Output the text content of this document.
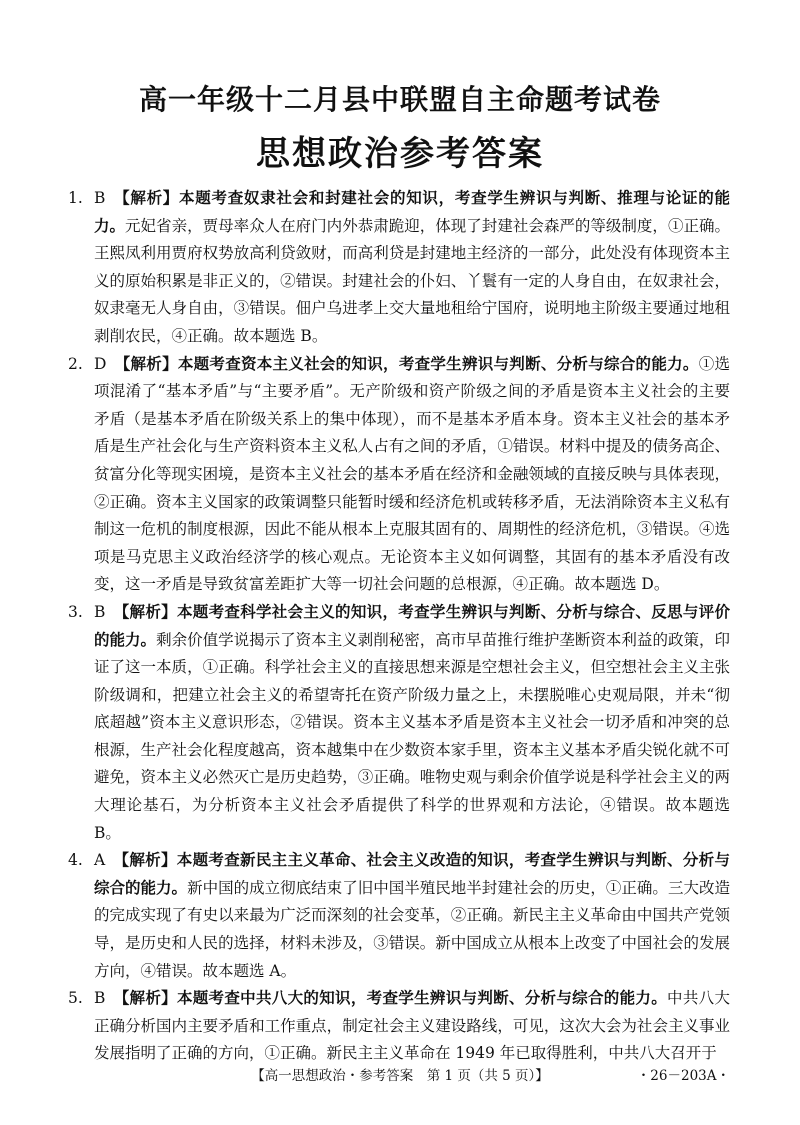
高一年级十二月县中联盟自主命题考试卷
思想政治参考答案
1. B 【解析】本题考查奴隶社会和封建社会的知识，考查学生辨识与判断、推理与论证的能力。元妃省亲，贾母率众人在府门内外恭肃跪迎，体现了封建社会森严的等级制度，①正确。王熙凤利用贾府权势放高利贷敛财，而高利贷是封建地主经济的一部分，此处没有体现资本主义的原始积累是非正义的，②错误。封建社会的仆妇、丫鬟有一定的人身自由，在奴隶社会，奴隶毫无人身自由，③错误。佃户乌进孝上交大量地租给宁国府，说明地主阶级主要通过地租剥削农民，④正确。故本题选 B。
2. D 【解析】本题考查资本主义社会的知识，考查学生辨识与判断、分析与综合的能力。①选项混淆了“基本矛盾”与“主要矛盾”。无产阶级和资产阶级之间的矛盾是资本主义社会的主要矛盾（是基本矛盾在阶级关系上的集中体现），而不是基本矛盾本身。资本主义社会的基本矛盾是生产社会化与生产资料资本主义私人占有之间的矛盾，①错误。材料中提及的债务高企、贫富分化等现实困境，是资本主义社会的基本矛盾在经济和金融领域的直接反映与具体表现，②正确。资本主义国家的政策调整只能暂时缓和经济危机或转移矛盾，无法消除资本主义私有制这一危机的制度根源，因此不能从根本上克服其固有的、周期性的经济危机，③错误。④选项是马克思主义政治经济学的核心观点。无论资本主义如何调整，其固有的基本矛盾没有改变，这一矛盾是导致贫富差距扩大等一切社会问题的总根源，④正确。故本题选 D。
3. B 【解析】本题考查科学社会主义的知识，考查学生辨识与判断、分析与综合、反思与评价的能力。剩余价值学说揭示了资本主义剥削秘密，高市早苗推行维护垄断资本利益的政策，印证了这一本质，①正确。科学社会主义的直接思想来源是空想社会主义，但空想社会主义主张阶级调和，把建立社会主义的希望寄托在资产阶级力量之上，未摆脱唯心史观局限，并未“彻底超越”资本主义意识形态，②错误。资本主义基本矛盾是资本主义社会一切矛盾和冲突的总根源，生产社会化程度越高，资本越集中在少数资本家手里，资本主义基本矛盾尖锐化就不可避免，资本主义必然灭亡是历史趋势，③正确。唯物史观与剩余价值学说是科学社会主义的两大理论基石，为分析资本主义社会矛盾提供了科学的世界观和方法论，④错误。故本题选 B。
4. A 【解析】本题考查新民主主义革命、社会主义改造的知识，考查学生辨识与判断、分析与综合的能力。新中国的成立彻底结束了旧中国半殖民地半封建社会的历史，①正确。三大改造的完成实现了有史以来最为广泛而深刻的社会变革，②正确。新民主主义革命由中国共产党领导，是历史和人民的选择，材料未涉及，③错误。新中国成立从根本上改变了中国社会的发展方向，④错误。故本题选 A。
5. B 【解析】本题考查中共八大的知识，考查学生辨识与判断、分析与综合的能力。中共八大正确分析国内主要矛盾和工作重点，制定社会主义建设路线，可见，这次大会为社会主义事业发展指明了正确的方向，①正确。新民主主义革命在 1949 年已取得胜利，中共八大召开于
【高一思想政治・参考答案　第 1 页（共 5 页）】	・26－203A・
